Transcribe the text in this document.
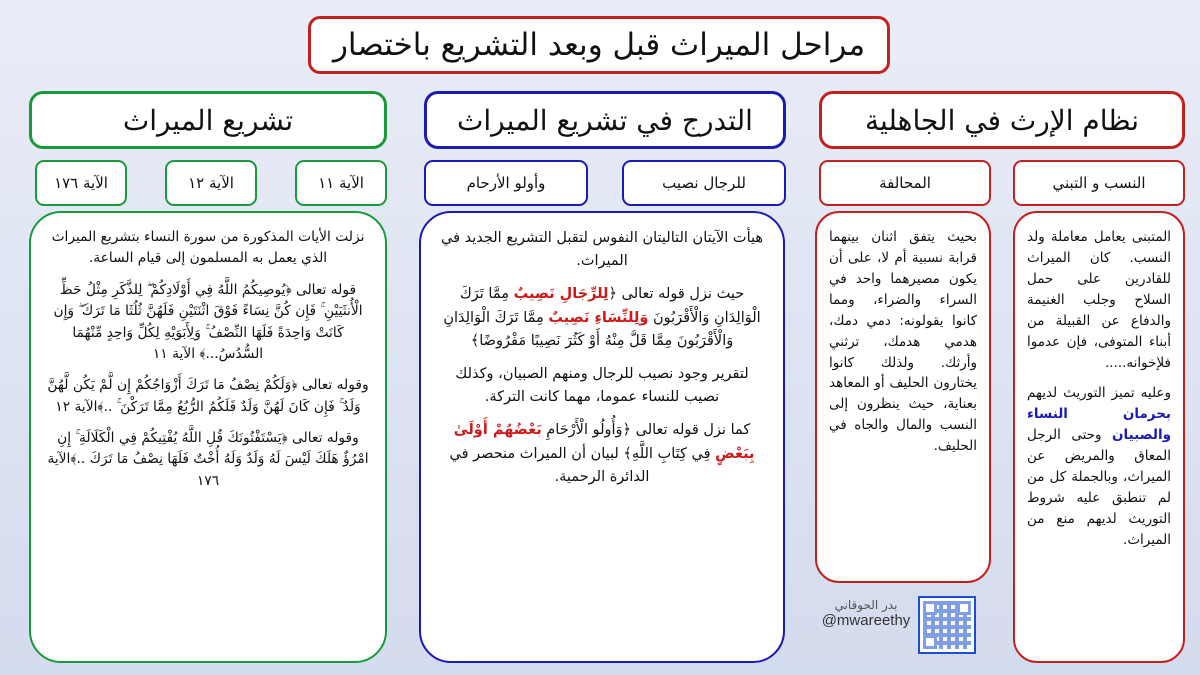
مراحل الميراث قبل وبعد التشريع باختصار
نظام الإرث في الجاهلية
التدرج في تشريع الميراث
تشريع الميراث
النسب و التبني
المحالفة
للرجال نصيب
وأولو الأرحام
الآية ١١
الآية ١٢
الآية ١٧٦

المتبنى يعامل معاملة ولد النسب. كان الميراث للقادرين على حمل السلاح وجلب الغنيمة والدفاع عن القبيلة من أبناء المتوفى، فإن عدموا فلإخوانه.....

وعليه تميز التوريث لديهم بحرمان النساء والصبيان وحتى الرجل المعاق والمريض عن الميراث، وبالجملة كل من لم تنطبق عليه شروط التوريث لديهم منع من الميراث.

بحيث يتفق اثنان بينهما قرابة نسبية أم لا، على أن يكون مصيرهما واحد في السراء والضراء، ومما كانوا يقولونه: دمي دمك، هدمي هدمك، ترثني وأرثك. ولذلك كانوا يختارون الحليف أو المعاهد بعناية، حيث ينظرون إلى النسب والمال والجاه في الحليف.

هيأت الآيتان التاليتان النفوس لتقبل التشريع الجديد في الميراث.

حيث نزل قوله تعالى ﴿لِلرِّجَالِ نَصِيبٌ مِمَّا تَرَكَ الْوَالِدَانِ وَالْأَقْرَبُونَ وَلِلنِّسَاءِ نَصِيبٌ مِمَّا تَرَكَ الْوَالِدَانِ وَالْأَقْرَبُونَ مِمَّا قَلَّ مِنْهُ أَوْ كَثُرَ نَصِيبًا مَفْرُوضًا﴾

لتقرير وجود نصيب للرجال ومنهم الصبيان، وكذلك نصيب للنساء عموما، مهما كانت التركة.

كما نزل قوله تعالى ﴿وَأُولُو الْأَرْحَامِ بَعْضُهُمْ أَوْلَىٰ بِبَعْضٍ فِي كِتَابِ اللَّهِ﴾ لبيان أن الميراث منحصر في الدائرة الرحمية.

نزلت الأيات المذكورة من سورة النساء بتشريع الميراث الذي يعمل به المسلمون إلى قيام الساعة.

قوله تعالى ﴿يُوصِيكُمُ اللَّهُ فِي أَوْلَادِكُمْ ۖ لِلذَّكَرِ مِثْلُ حَظِّ الْأُنثَيَيْنِ ۚ فَإِن كُنَّ نِسَاءً فَوْقَ اثْنَتَيْنِ فَلَهُنَّ ثُلُثَا مَا تَرَكَ ۖ وَإِن كَانَتْ وَاحِدَةً فَلَهَا النِّصْفُ ۚ وَلِأَبَوَيْهِ لِكُلِّ وَاحِدٍ مِّنْهُمَا السُّدُسُ...﴾ الآية ١١

وقوله تعالى ﴿وَلَكُمْ نِصْفُ مَا تَرَكَ أَزْوَاجُكُمْ إِن لَّمْ يَكُن لَّهُنَّ وَلَدٌ ۚ فَإِن كَانَ لَهُنَّ وَلَدٌ فَلَكُمُ الرُّبُعُ مِمَّا تَرَكْنَ ۚ ..﴾الآية ١٢

وقوله تعالى ﴿يَسْتَفْتُونَكَ قُلِ اللَّهُ يُفْتِيكُمْ فِي الْكَلَالَةِ ۚ إِنِ امْرُؤٌ هَلَكَ لَيْسَ لَهُ وَلَدٌ وَلَهُ أُخْتٌ فَلَهَا نِصْفُ مَا تَرَكَ ..﴾الآية ١٧٦

بدر الحوقاني
@mwareethy
